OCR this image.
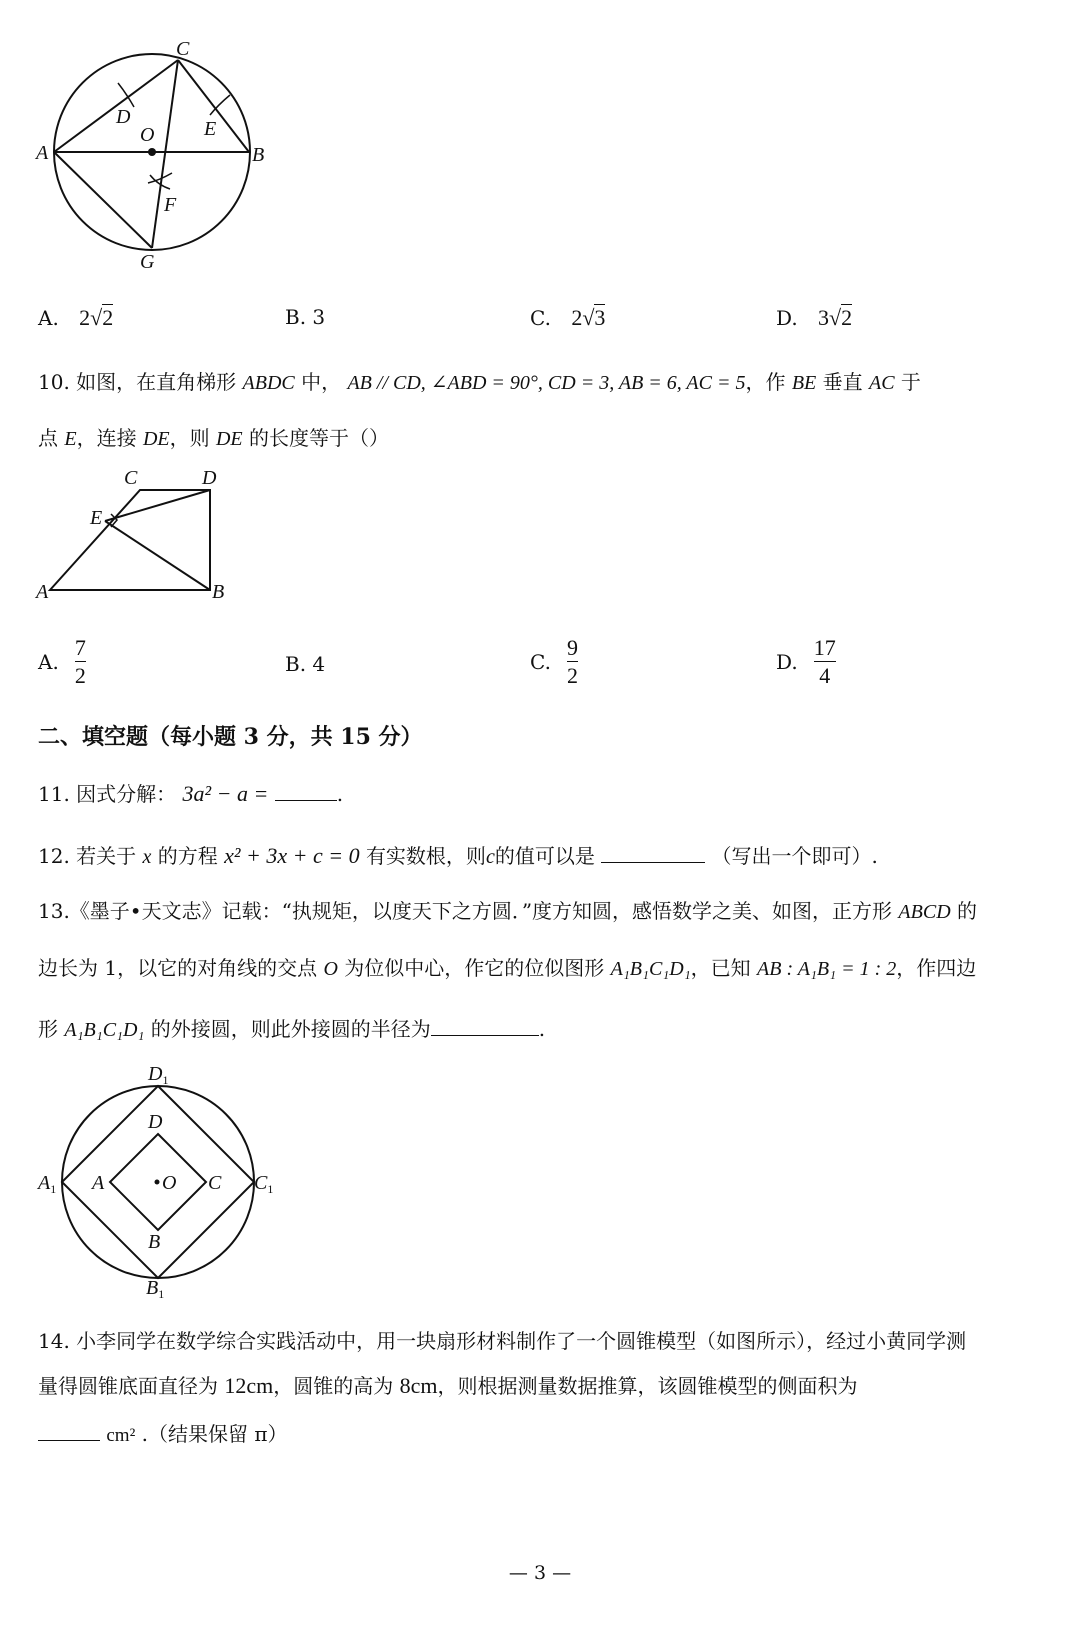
C
D
O E
A	B
F
G
A. 2√2	B. 3	C. 2√3	D. 3√2
10. 如图，在直角梯形 ABDC 中， AB // CD, ∠ABD = 90°, CD = 3, AB = 6, AC = 5，作 BE 垂直 AC 于
点 E，连接 DE，则 DE 的长度等于（）
C	D
E
A	B
A. $\frac{7}{2}$	B. 4	C. $\frac{9}{2}$	D. $\frac{17}{4}$
二、填空题（每小题 3 分，共 15 分）
11. 因式分解： 3a² − a =	.
12. 若关于 x 的方程 x² + 3x + c = 0 有实数根，则c的值可以是	（写出一个即可）.
13.《墨子•天文志》记载：“执规矩，以度天下之方圆．”度方知圆，感悟数学之美、如图，正方形 ABCD 的
边长为 1，以它的对角线的交点 O 为位似中心，作它的位似图形 A₁B₁C₁D₁，已知 AB : A₁B₁ = 1 : 2，作四边
形 A₁B₁C₁D₁ 的外接圆，则此外接圆的半径为	.
$D_1$
$A_1$	$C_1$
$B_1$
D
A	O C
B
14. 小李同学在数学综合实践活动中，用一块扇形材料制作了一个圆锥模型（如图所示），经过小黄同学测
量得圆锥底面直径为 12cm，圆锥的高为 8cm，则根据测量数据推算，该圆锥模型的侧面积为
cm² .（结果保留 π）
— 3 —
